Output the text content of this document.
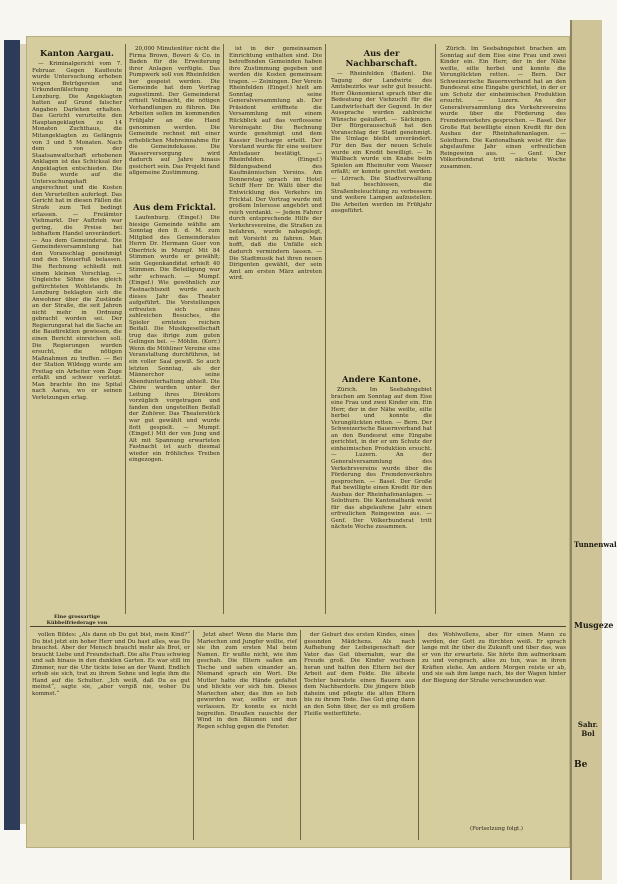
Kanton Aargau.

— Kriminalgericht vom 7. Februar. Gegen Kaufleute wurde Untersuchung erhoben wegen Betrügereien und Urkundenfälschung in Lenzburg. Die Angeklagten hatten auf Grund falscher Angaben Darlehen erhalten. Das Gericht verurteilte den Hauptangeklagten zu 14 Monaten Zuchthaus, die Mitangeklagten zu Gefängnis von 3 und 5 Monaten. Nach dem von der Staatsanwaltschaft erhobenen Anklagen ist das Schicksal der Angeklagten entschieden. Die Buße wurde auf die Untersuchungshaft angerechnet und die Kosten den Verurteilten auferlegt. Das Gericht hat in diesen Fällen die Strafe zum Teil bedingt erlassen. — Freiämter Viehmarkt. Der Auftrieb war gering, die Preise bei lebhaftem Handel unverändert. — Aus dem Gemeinderat. Die Gemeindeversammlung hat den Voranschlag genehmigt und den Steuerfuß belassen. Die Rechnung schließt mit einem kleinen Vorschlag. — Ungleiche Söhne des gleich gefürchteten Wohlstands. In Lenzburg beklagten sich die Anwohner über die Zustände an der Straße, die seit Jahren nicht mehr in Ordnung gebracht worden sei. Der Regierungsrat hat die Sache an die Baudirektion gewiesen, die einen Bericht einreichen soll. Die Regierungen wurden ersucht, die nötigen Maßnahmen zu treffen. — Bei der Station Wildegg wurde am Freitag ein Arbeiter vom Zuge erfaßt und schwer verletzt. Man brachte ihn ins Spital nach Aarau, wo er seinen Verletzungen erlag.

Eine grossartige Kübbelfriederage von

20,000 Minutenliter nicht die Firma Brown, Boveri & Co. in Baden für die Erweiterung ihrer Anlagen verfügte. Das Pumpwerk soll von Rheinfelden her gespeist werden. Die Gemeinde hat dem Vertrag zugestimmt. Der Gemeinderat erhielt Vollmacht, die nötigen Verhandlungen zu führen. Die Arbeiten sollen im kommenden Frühjahr an die Hand genommen werden. Die Gemeinde rechnet mit einer erheblichen Mehreinnahme für die Gemeindekasse. Die Wasserversorgung wird dadurch auf Jahre hinaus gesichert sein. Das Projekt fand allgemeine Zustimmung.

Aus dem Fricktal.

Laufenburg. (Eingef.) Die hiesige Gemeinde wählte am Sonntag den 8. d. M. zum Mitglied des Gemeinderates Herrn Dr. Hermann Guer von Oberfrick in Mumpf. Mit 84 Stimmen wurde er gewählt; sein Gegenkandidat erhielt 40 Stimmen. Die Beteiligung war sehr schwach. — Mumpf. (Eingef.) Wie gewöhnlich zur Fastnachtszeit wurde auch dieses Jahr das Theater aufgeführt. Die Vorstellungen erfreuten sich eines zahlreichen Besuches, die Spieler ernteten reichen Beifall. Die Musikgesellschaft trug das ihrige zum guten Gelingen bei. — Möhlin. (Korr.) Wenn die Möhliner Vereine eine Veranstaltung durchführen, ist ein voller Saal gewiß. So auch letzten Sonntag, als der Männerchor seine Abendunterhaltung abhielt. Die Chöre wurden unter der Leitung ihres Direktors vorzüglich vorgetragen und fanden den ungeteilten Beifall der Zuhörer. Das Theaterstück war gut gewählt und wurde flott gespielt. — Mumpf. (Eingef.) Mit der von Jung und Alt mit Spannung erwarteten Fastnacht ist auch diesmal wieder ein fröhliches Treiben eingezogen.

ist in der gemeinsamen Einrichtung enthalten sind. Die betreffenden Gemeinden haben ihre Zustimmung gegeben und werden die Kosten gemeinsam tragen. — Zeiningen. Der Verein Rheinfelden (Eingef.) hielt am Sonntag seine Generalversammlung ab. Der Präsident eröffnete die Versammlung mit einem Rückblick auf das verflossene Vereinsjahr. Die Rechnung wurde genehmigt und dem Kassier Decharge erteilt. Der Vorstand wurde für eine weitere Amtsdauer bestätigt. — Rheinfelden. (Eingef.) Bildungsabend des Kaufmännischen Vereins. Am Donnerstag sprach im Hotel Schiff Herr Dr. Wälti über die Entwicklung des Verkehrs im Fricktal. Der Vortrag wurde mit großem Interesse angehört und reich verdankt. — Jedem Fahrer durch entsprechende Hilfe der Verkehrsvereine, die Straßen zu befahren, wurde nahegelegt, mit Vorsicht zu fahren. Man hofft, daß die Unfälle sich dadurch vermindern lassen. — Die Stadtmusik hat ihren neuen Dirigenten gewählt, der sein Amt am ersten März antreten wird.

Aus der Nachbarschaft.

— Rheinfelden (Baden). Die Tagung der Landwirte des Amtsbezirks war sehr gut besucht. Herr Ökonomierat sprach über die Bedeutung der Viehzucht für die Landwirtschaft der Gegend. In der Aussprache wurden zahlreiche Wünsche geäußert. — Säckingen. Der Bürgerausschuß hat den Voranschlag der Stadt genehmigt. Die Umlage bleibt unverändert. Für den Bau der neuen Schule wurde ein Kredit bewilligt. — In Wallbach wurde ein Knabe beim Spielen am Rheinufer vom Wasser erfaßt; er konnte gerettet werden. — Lörrach. Die Stadtverwaltung hat beschlossen, die Straßenbeleuchtung zu verbessern und weitere Lampen aufzustellen. Die Arbeiten werden im Frühjahr ausgeführt.

Andere Kantone.

Zürich. Im Seebahngebiet brachen am Sonntag auf dem Eise eine Frau und zwei Kinder ein. Ein Herr, der in der Nähe weilte, eilte herbei und konnte die Verunglückten retten. — Bern. Der Schweizerische Bauernverband hat an den Bundesrat eine Eingabe gerichtet, in der er um Schutz der einheimischen Produktion ersucht. — Luzern. An der Generalversammlung des Verkehrsvereins wurde über die Förderung des Fremdenverkehrs gesprochen. — Basel. Der Große Rat bewilligte einen Kredit für den Ausbau der Rheinhafenanlagen. — Solothurn. Die Kantonalbank weist für das abgelaufene Jahr einen erfreulichen Reingewinn aus. — Genf. Der Völkerbundsrat tritt nächste Woche zusammen.

Zürich. Im Seebahngebiet brachen am Sonntag auf dem Eise eine Frau und zwei Kinder ein. Ein Herr, der in der Nähe weilte, eilte herbei und konnte die Verunglückten retten. — Bern. Der Schweizerische Bauernverband hat an den Bundesrat eine Eingabe gerichtet, in der er um Schutz der einheimischen Produktion ersucht. — Luzern. An der Generalversammlung des Verkehrsvereins wurde über die Förderung des Fremdenverkehrs gesprochen. — Basel. Der Große Rat bewilligte einen Kredit für den Ausbau der Rheinhafenanlagen. — Solothurn. Die Kantonalbank weist für das abgelaufene Jahr einen erfreulichen Reingewinn aus. — Genf. Der Völkerbundsrat tritt nächste Woche zusammen.

vollen Bildes: „Als dann ob Du gut bist, mein Kind?“ Du bist jetzt ein hoher Herr und Du hast alles, was Du brauchst. Aber der Mensch braucht mehr als Brot, er braucht Liebe und Freundschaft. Die alte Frau schwieg und sah hinaus in den dunklen Garten. Es war still im Zimmer, nur die Uhr tickte leise an der Wand. Endlich erhob sie sich, trat zu ihrem Sohne und legte ihm die Hand auf die Schulter. „Ich weiß, daß Du es gut meinst“, sagte sie, „aber vergiß nie, woher Du kommst.“

Jetzt aber! Wenn die Marie ihm Mariechen und Jungfer wollte, rief sie ihn zum ersten Mal beim Namen. Er wußte nicht, wie ihm geschah. Die Eltern saßen am Tische und sahen einander an. Niemand sprach ein Wort. Die Mutter hatte die Hände gefaltet und blickte vor sich hin. Dieses Mariechen aber, das ihm so lieb geworden war, sollte er nun verlassen. Er konnte es nicht begreifen. Draußen rauschte der Wind in den Bäumen und der Regen schlug gegen die Fenster.

der Geburt des ersten Kindes, eines gesunden Mädchens. Als nach Aufhebung der Leibeigenschaft der Vater das Gut übernahm, war die Freude groß. Die Kinder wuchsen heran und halfen den Eltern bei der Arbeit auf dem Felde. Die älteste Tochter heiratete einen Bauern aus dem Nachbardorfe. Die jüngere blieb daheim und pflegte die alten Eltern bis zu ihrem Tode. Das Gut ging dann an den Sohn über, der es mit großem Fleiße weiterführte.

des Wohlwollens, aber für einen Mann zu werden, der Gott zu fürchten weiß. Er sprach lange mit ihr über die Zukunft und über das, was er von ihr erwartete. Sie hörte ihm aufmerksam zu und versprach, alles zu tun, was in ihren Kräften stehe. Am andern Morgen reiste er ab, und sie sah ihm lange nach, bis der Wagen hinter der Biegung der Straße verschwunden war.

(Fortsetzung folgt.)
Tunnenwal
Musgeze
Sahr. Bol
Be
